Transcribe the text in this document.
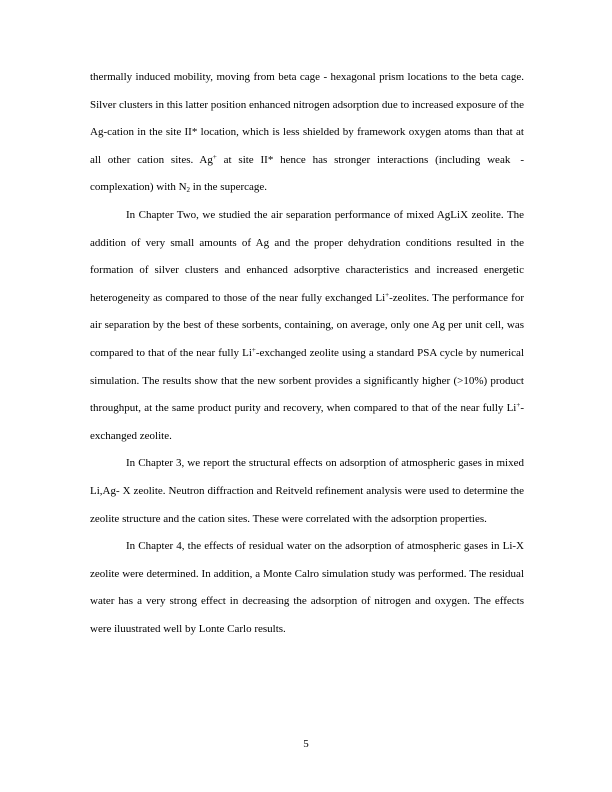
thermally induced mobility, moving from beta cage - hexagonal prism locations to the beta cage. Silver clusters in this latter position enhanced nitrogen adsorption due to increased exposure of the Ag-cation in the site II* location, which is less shielded by framework oxygen atoms than that at all other cation sites. Ag+ at site II* hence has stronger interactions (including weak -complexation) with $N_2$ in the supercage.

In Chapter Two, we studied the air separation performance of mixed AgLiX zeolite. The addition of very small amounts of Ag and the proper dehydration conditions resulted in the formation of silver clusters and enhanced adsorptive characteristics and increased energetic heterogeneity as compared to those of the near fully exchanged Li+-zeolites. The performance for air separation by the best of these sorbents, containing, on average, only one Ag per unit cell, was compared to that of the near fully Li+-exchanged zeolite using a standard PSA cycle by numerical simulation. The results show that the new sorbent provides a significantly higher (>10%) product throughput, at the same product purity and recovery, when compared to that of the near fully Li+-exchanged zeolite.

In Chapter 3, we report the structural effects on adsorption of atmospheric gases in mixed Li,Ag- X zeolite. Neutron diffraction and Reitveld refinement analysis were used to determine the zeolite structure and the cation sites. These were correlated with the adsorption properties.

In Chapter 4, the effects of residual water on the adsorption of atmospheric gases in Li-X zeolite were determined. In addition, a Monte Calro simulation study was performed. The residual water has a very strong effect in decreasing the adsorption of nitrogen and oxygen. The effects were iluustrated well by Lonte Carlo results.

5
